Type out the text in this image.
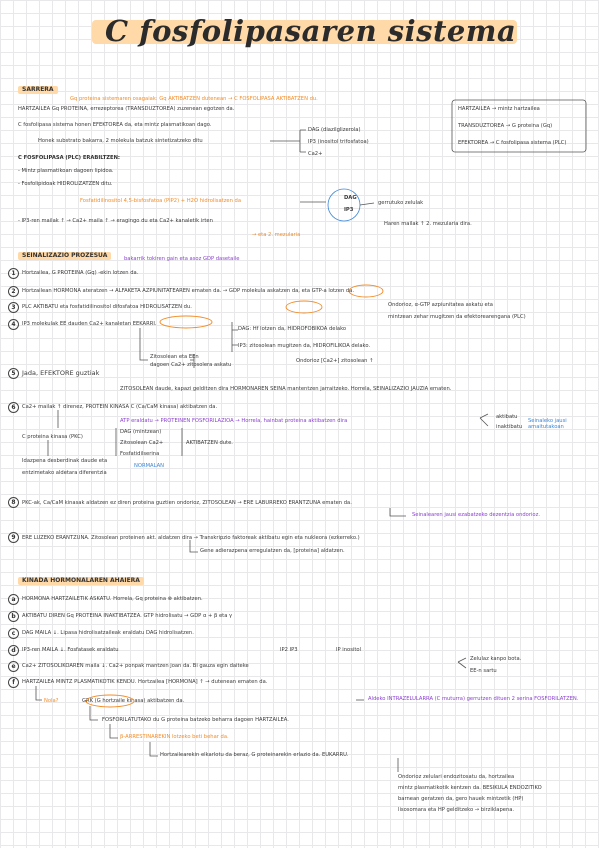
C fosfolipasaren sistema
SARRERA
Gq proteina sistemaren osagaiak: Gq AKTIBATZEN dutenean → C FOSFOLIPASA AKTIBATZEN du.
HARTZAILEA Gq PROTEINA, errezeptorea (TRANSDUZTOREA) zuzenean egotzen da.
C fosfolipasa sistema honen EFEKTOREA da, eta mintz plasmatikoan dago.
Honek substrato bakarra, 2 molekula batzuk sintetizatzeko ditu
DAG (diazilglizerola)
IP3 (inositol trifosfatoa)
Ca2+
C FOSFOLIPASA (PLC) ERABILTZEN:
- Mintz plasmatikoan dagoen lipidoa.
- Fosfolipidoak HIDROLIZATZEN ditu.
Fosfatidilinositol 4,5-bisfosfatoa (PIP2) + H2O hidrolisatzen da	DAG
IP3
gerrutuko zelulak
- IP3-ren mailak ↑ → Ca2+ maila ↑ → eragingo du eta Ca2+ kanaletik irten
→ eta 2. mezularia
Haren mailak ↑ 2. mezularia dira.
HARTZAILEA → mintz hartzailea
TRANSDUZTOREA → G proteina (Gq)
EFEKTOREA → C fosfolipasa sistema (PLC)
SEINALIZAZIO PROZESUA	bakarrik tokiren gain eta asoz GDP dasetaile
1	Hortzailea, G PROTEINA (Gq) -ekin lotzen da.
2	Hortzailean HORMONA ateratzen → ALFAKETA AZPIUNITATEAREN ematen da. → GDP molekula askatzen da, eta GTP-a lotzen da.
Ondorioz, α-GTP azpiunitatea askatu eta
mintzean zehar mugitzen da efektorearengana (PLC)
3	PLC AKTIBATU eta fosfatidilinositol difosfatoa HIDROLISATZEN du.
4	IP3 molekulak EE dauden Ca2+ kanaletan EEKARRI.
DAG: Hf lotzen da, HIDROFOBIKOA delako
IP3: zitosolean mugitzen da, HIDROFILIKOA delako.
Zitosolean eta EEn
dagoen Ca2+ zitosolera askatu
Ondorioz [Ca2+] zitosolean ↑
5 Jada, EFEKTORE guztiak
ZITOSOLEAN daude, kapazi gelditzen dira HORMONAREN SEINA mantentzen jarraitzeko. Horrela, SEINALIZAZIO JAUZIA ematen.
6	Ca2+ mailak ↑ direnez, PROTEIN KINASA C (Ca/CaM kinasa) aktibatzen da.
ATP eraldatu → PROTEINEN FOSFORILAZIOA → Horrela, hainbat proteina aktibatzen dira
aktibatu
inaktibatu
Seinaleko jausi amaitutakoan
C proteina kinasa (PKC)
DAG (mintzean)
Zitosolean Ca2+
Fosfatidilserina
AKTIBATZEN dute.
NORMALAN
Idazpena desberdinak daude eta
entzimetako aldetara diferentzia
8	PKC-ak, Ca/CaM kinasak aldatzen ez diren proteina guztien ondorioz, ZITOSOLEAN → ERE LABURREKO ERANTZUNA ematen da.
Seinalearen jausi ezabatzeko dezentzia ondorioz.
9	ERE LUZEKO ERANTZUNA. Zitosolean proteinen akt. aldatzen dira → Transkripzio faktoreak aktibatu egin eta nukleora (ezkerreko.)
Gene adierazpena erregulatzen da, [proteina] aldatzen.
KINADA HORMONALAREN AHAIERA
a	HORMONA HARTZAILETIK ASKATU. Horrela, Gq proteina ⊗ aktibatzen.
b	AKTIBATU DIREN Gq PROTEINA INAKTIBATZEA. GTP hidrolisatu → GDP α + β eta γ
c	DAG MAILA ↓. Lipasa hidrolisatzaileak eraldatu DAG hidrolisatzen.
d	IP3-ren MAILA ↓. Fosfatasek eraldatu	IP2 IP3	IP inositol
e	Ca2+ ZITOSOLIKOAREN maila ↓. Ca2+ ponpak mantzen joan da. Bi gauza egin daiteke
Zelulaz kanpo bota.
EE-n sartu
f	HARTZAILEA MINTZ PLASMATIKOTIK KENDU. Hortzailea [HORMONA] ↑ → dutenean ematen da.
Nola?	GRK (G hortzaile kinasa) aktibatzen da.	Aldeko INTRAZELULARRA (C muturra) gerrutzen dituen 2 serina FOSFORILATZEN.
FOSFORILATUTAKO du G proteina batzeko beharra dagoen HARTZAILEA.
β-ARRESTINAREKIN lotzeko beti behar da.
Hortzailearekin elkarlotu da beraz, G proteinarekin erlazio da. EUKARRU.
Ondorioz zelulari endozitosatu da, hortzailea
mintz plasmatikotik kentzen da. BESIKULA ENDOZITIKO
barnean geratzen da, gero hauek mintzetik (HP)
lisosomara eta HP gelditzeko → birziklapena.
